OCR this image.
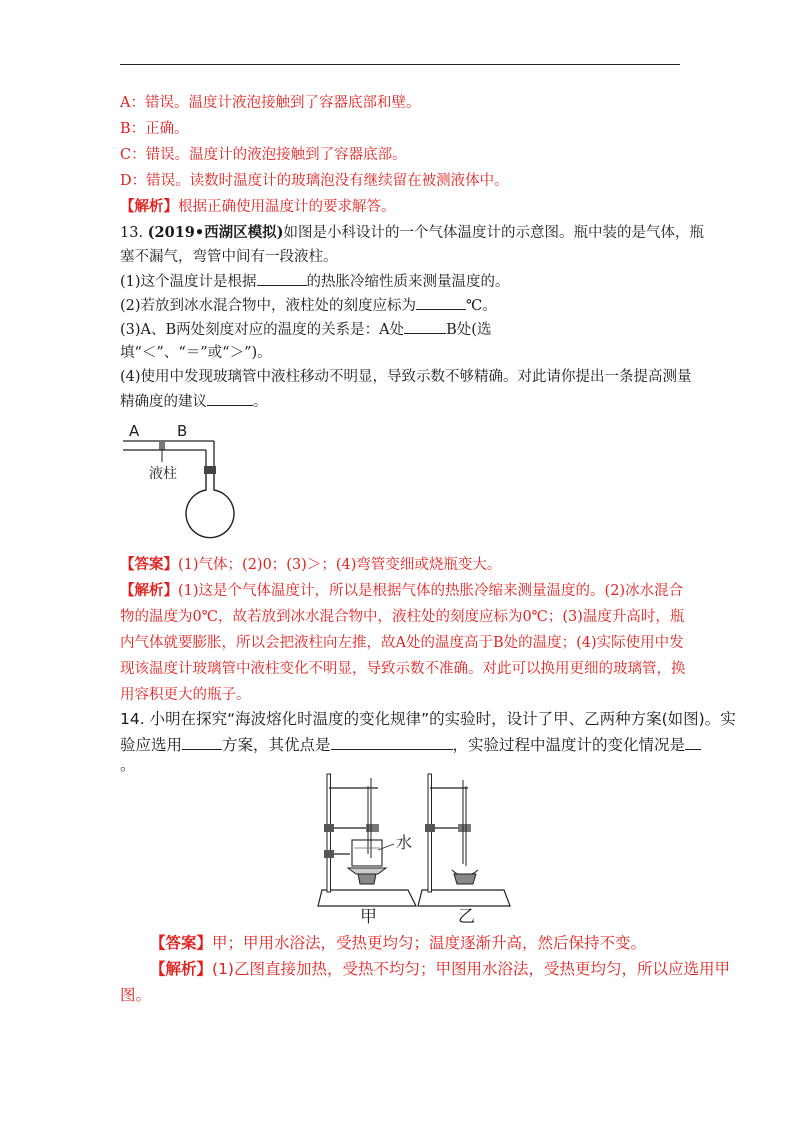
A：错误。温度计液泡接触到了容器底部和壁。
B：正确。
C：错误。温度计的液泡接触到了容器底部。
D：错误。读数时温度计的玻璃泡没有继续留在被测液体中。
【解析】根据正确使用温度计的要求解答。
13. (2019•西湖区模拟)如图是小科设计的一个气体温度计的示意图。瓶中装的是气体，瓶
塞不漏气，弯管中间有一段液柱。
(1)这个温度计是根据	的热胀冷缩性质来测量温度的。
(2)若放到冰水混合物中，液柱处的刻度应标为	℃。
(3)A、B两处刻度对应的温度的关系是：A处	B处(选
填“＜”、“＝”或“＞”)。
(4)使用中发现玻璃管中液柱移动不明显，导致示数不够精确。对此请你提出一条提高测量
精确度的建议	。
A	B
液柱
【答案】(1)气体；(2)0；(3)＞；(4)弯管变细或烧瓶变大。
【解析】(1)这是个气体温度计，所以是根据气体的热胀冷缩来测量温度的。(2)冰水混合
物的温度为0℃，故若放到冰水混合物中，液柱处的刻度应标为0℃；(3)温度升高时，瓶
内气体就要膨胀，所以会把液柱向左推，故A处的温度高于B处的温度；(4)实际使用中发
现该温度计玻璃管中液柱变化不明显，导致示数不准确。对此可以换用更细的玻璃管，换
用容积更大的瓶子。
14. 小明在探究“海波熔化时温度的变化规律”的实验时，设计了甲、乙两种方案(如图)。实
验应选用	方案，其优点是	，实验过程中温度计的变化情况是
。
水
甲	乙
【答案】甲；甲用水浴法，受热更均匀；温度逐渐升高，然后保持不变。
【解析】(1)乙图直接加热，受热不均匀；甲图用水浴法，受热更均匀，所以应选用甲
图。
